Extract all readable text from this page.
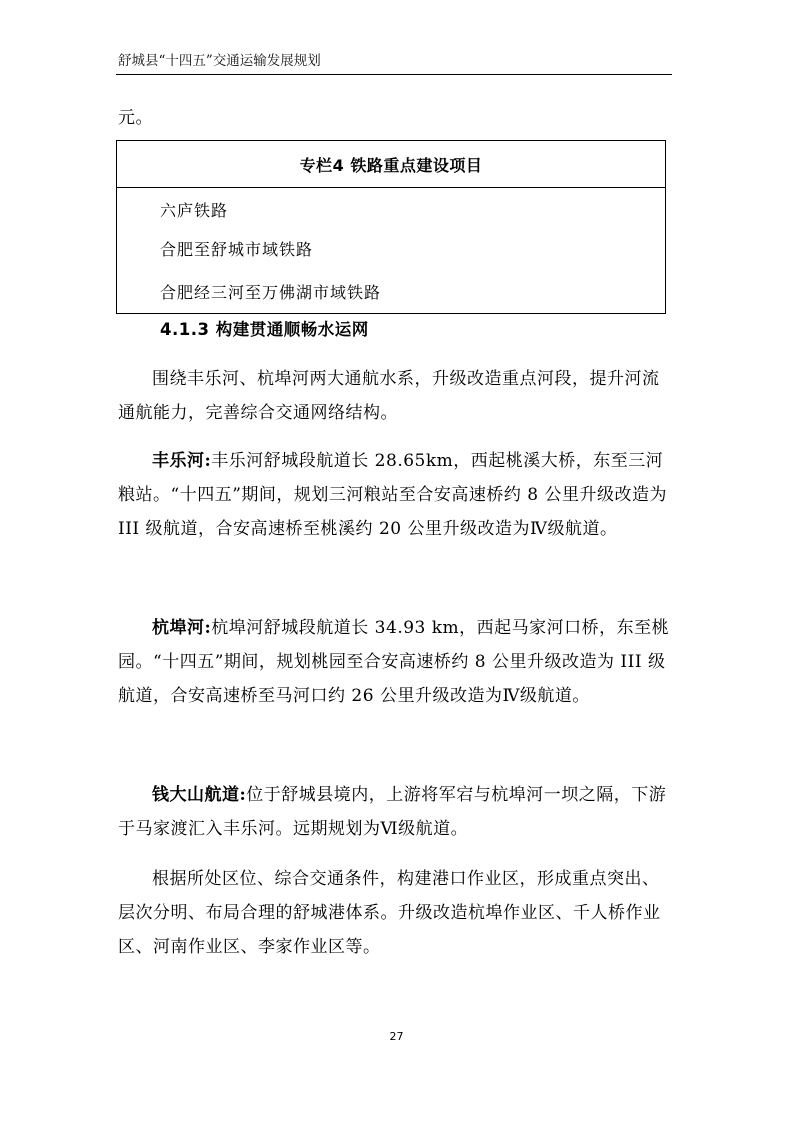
舒城县“十四五”交通运输发展规划

元。

专栏4 铁路重点建设项目
六庐铁路
合肥至舒城市域铁路
合肥经三河至万佛湖市域铁路
4.1.3 构建贯通顺畅水运网

围绕丰乐河、杭埠河两大通航水系，升级改造重点河段，提升河流通航能力，完善综合交通网络结构。

丰乐河:丰乐河舒城段航道长 28.65km，西起桃溪大桥，东至三河粮站。“十四五”期间，规划三河粮站至合安高速桥约 8 公里升级改造为 III 级航道，合安高速桥至桃溪约 20 公里升级改造为Ⅳ级航道。

杭埠河:杭埠河舒城段航道长 34.93 km，西起马家河口桥，东至桃园。“十四五”期间，规划桃园至合安高速桥约 8 公里升级改造为 III 级航道，合安高速桥至马河口约 26 公里升级改造为Ⅳ级航道。

钱大山航道:位于舒城县境内，上游将军宕与杭埠河一坝之隔，下游于马家渡汇入丰乐河。远期规划为Ⅵ级航道。

根据所处区位、综合交通条件，构建港口作业区，形成重点突出、层次分明、布局合理的舒城港体系。升级改造杭埠作业区、千人桥作业区、河南作业区、李家作业区等。

27
